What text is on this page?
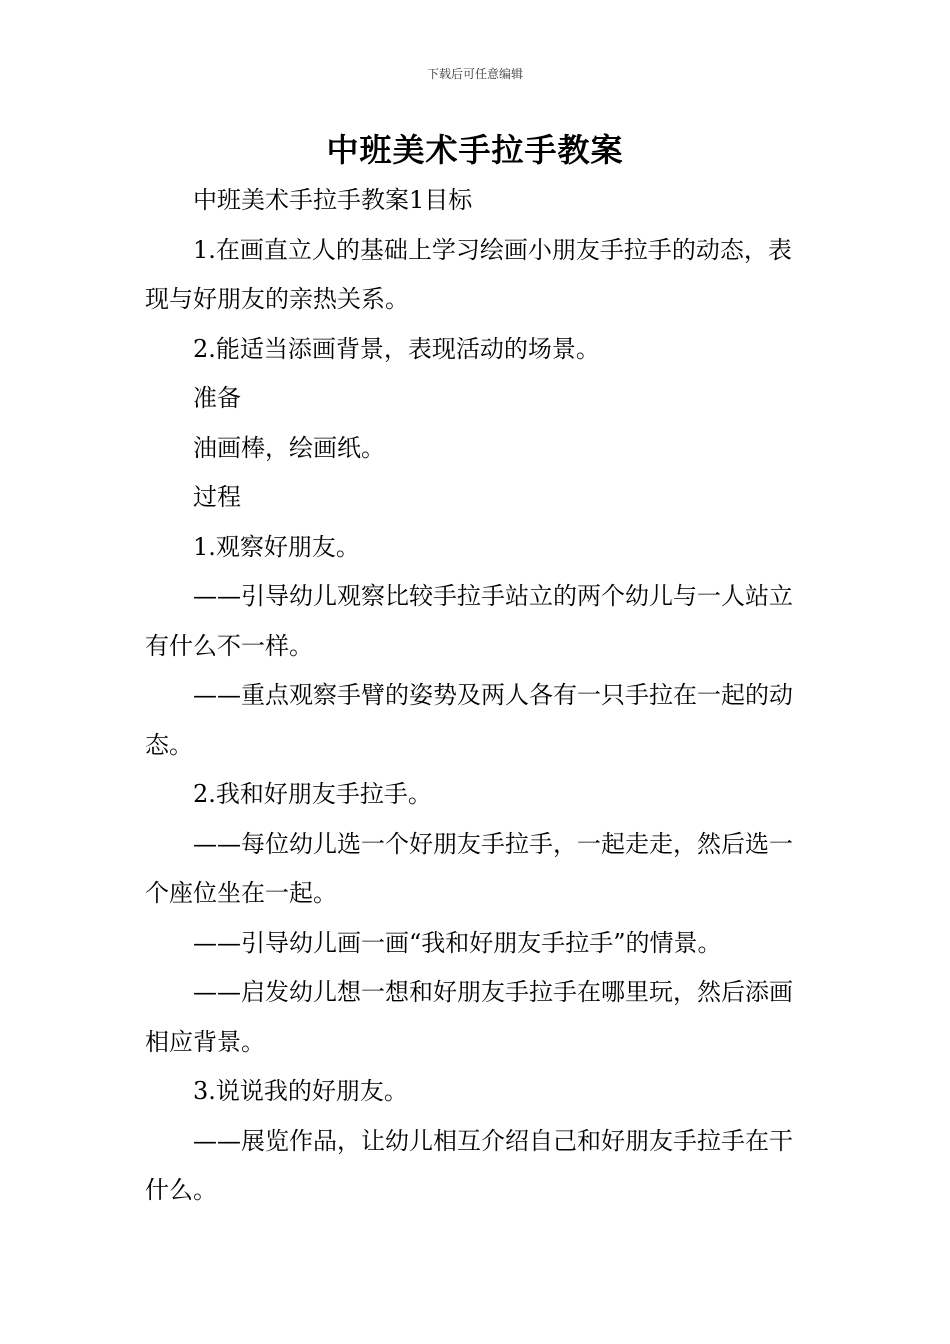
下载后可任意编辑
中班美术手拉手教案

中班美术手拉手教案1目标

1.在画直立人的基础上学习绘画小朋友手拉手的动态，表现与好朋友的亲热关系。

2.能适当添画背景，表现活动的场景。

准备

油画棒，绘画纸。

过程

1.观察好朋友。

——引导幼儿观察比较手拉手站立的两个幼儿与一人站立有什么不一样。

——重点观察手臂的姿势及两人各有一只手拉在一起的动态。

2.我和好朋友手拉手。

——每位幼儿选一个好朋友手拉手，一起走走，然后选一个座位坐在一起。

——引导幼儿画一画“我和好朋友手拉手”的情景。

——启发幼儿想一想和好朋友手拉手在哪里玩，然后添画相应背景。

3.说说我的好朋友。

——展览作品，让幼儿相互介绍自己和好朋友手拉手在干什么。
